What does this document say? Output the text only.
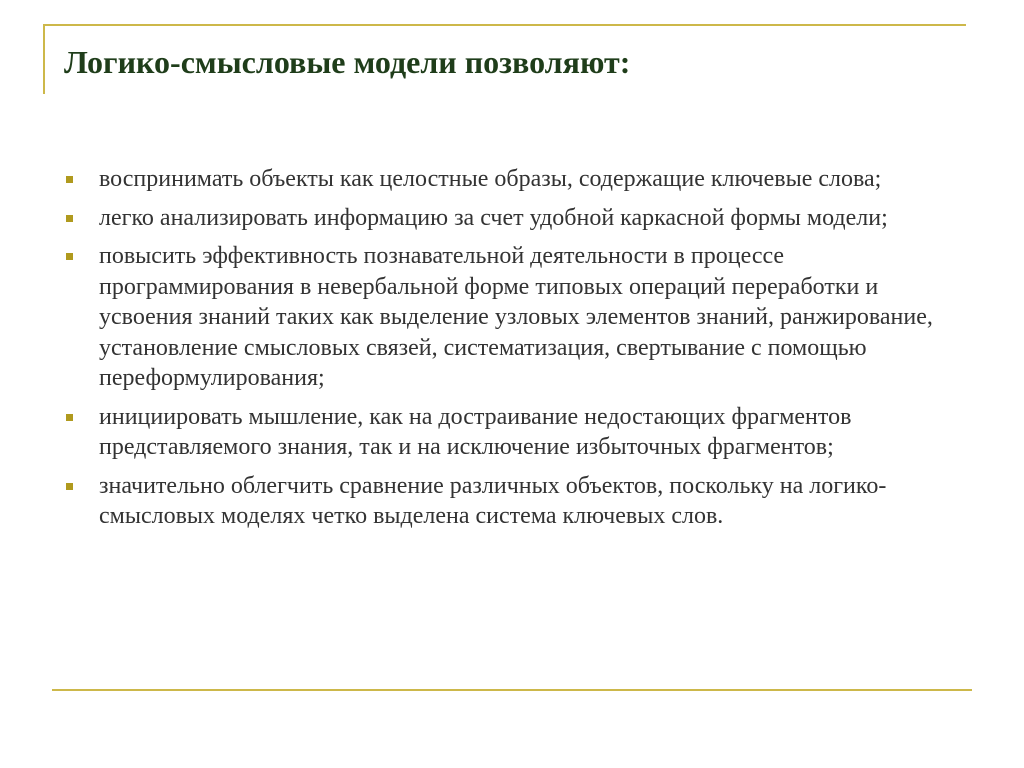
Логико-смысловые модели позволяют:
воспринимать объекты как целостные образы, содержащие ключевые слова;
легко анализировать информацию за счет удобной каркасной формы модели;
повысить эффективность познавательной деятельности в процессе программирования в невербальной форме типовых операций переработки и усвоения знаний таких как выделение узловых элементов знаний, ранжирование, установление смысловых связей, систематизация, свертывание с помощью переформулирования;
инициировать мышление, как на достраивание недостающих фрагментов представляемого знания, так и на исключение избыточных фрагментов;
значительно облегчить сравнение различных объектов, поскольку на логико-смысловых моделях четко выделена система ключевых слов.
